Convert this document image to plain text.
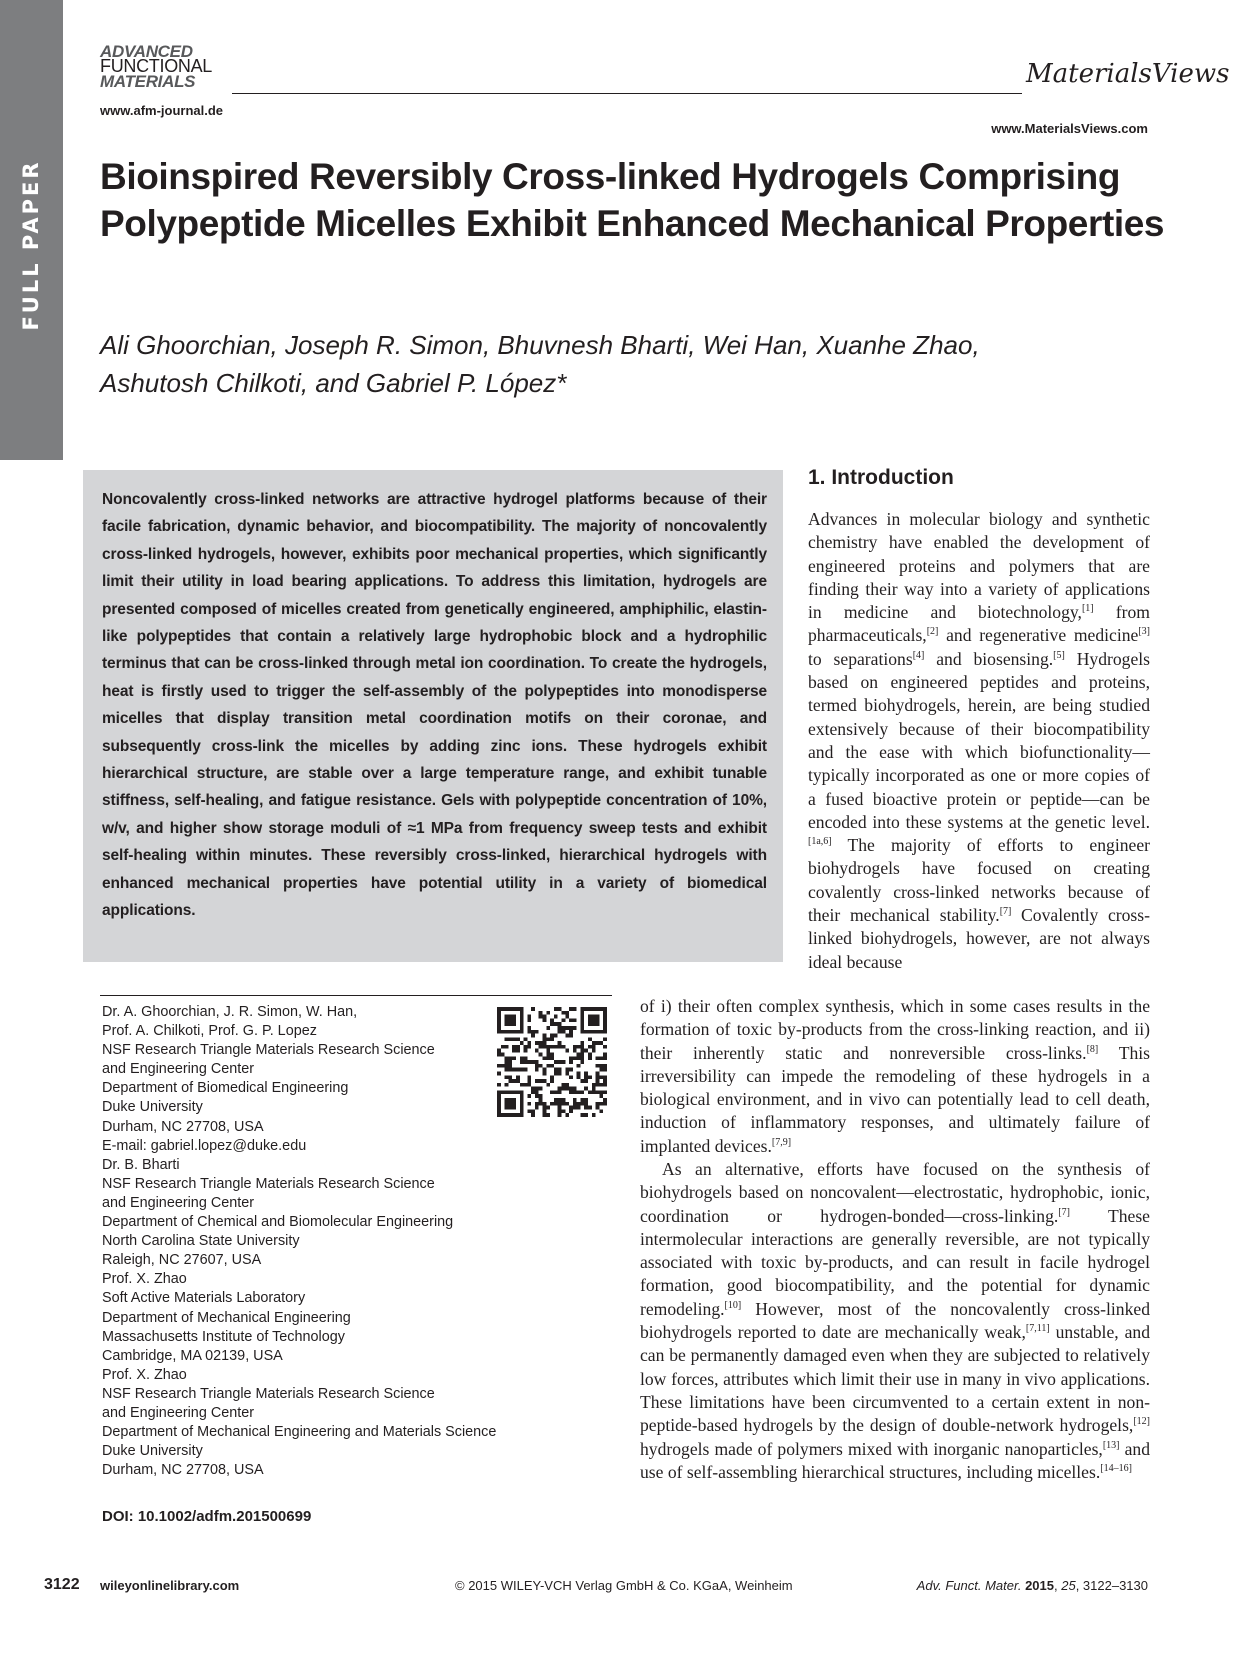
FULL PAPER
ADVANCED
FUNCTIONAL
MATERIALS
www.afm-journal.de
MaterialsViews
www.MaterialsViews.com
Bioinspired Reversibly Cross-linked Hydrogels Comprising Polypeptide Micelles Exhibit Enhanced Mechanical Properties
Ali Ghoorchian, Joseph R. Simon, Bhuvnesh Bharti, Wei Han, Xuanhe Zhao,
Ashutosh Chilkoti, and Gabriel P. López*
Noncovalently cross-linked networks are attractive hydrogel platforms because of their facile fabrication, dynamic behavior, and biocompatibility. The majority of noncovalently cross-linked hydrogels, however, exhibits poor mechanical properties, which significantly limit their utility in load bearing applications. To address this limitation, hydrogels are presented composed of micelles created from genetically engineered, amphiphilic, elastin-like polypeptides that contain a relatively large hydrophobic block and a hydrophilic terminus that can be cross-linked through metal ion coordination. To create the hydrogels, heat is firstly used to trigger the self-assembly of the polypeptides into monodisperse micelles that display transition metal coordination motifs on their coronae, and subsequently cross-link the micelles by adding zinc ions. These hydrogels exhibit hierarchical structure, are stable over a large temperature range, and exhibit tunable stiffness, self-healing, and fatigue resistance. Gels with polypeptide concentration of 10%, w/v, and higher show storage moduli of ≈1 MPa from frequency sweep tests and exhibit self-healing within minutes. These reversibly cross-linked, hierarchical hydrogels with enhanced mechanical properties have potential utility in a variety of biomedical applications.
1. Introduction
Advances in molecular biology and synthetic chemistry have enabled the development of engineered proteins and polymers that are finding their way into a variety of applications in medicine and biotechnology,[1] from pharmaceuticals,[2] and regenerative medicine[3] to separations[4] and biosensing.[5] Hydrogels based on engineered peptides and proteins, termed biohydrogels, herein, are being studied extensively because of their biocompatibility and the ease with which biofunctionality—typically incorporated as one or more copies of a fused bioactive protein or peptide—can be encoded into these systems at the genetic level.[1a,6] The majority of efforts to engineer biohydrogels have focused on creating covalently cross-linked networks because of their mechanical stability.[7] Covalently cross-linked biohydrogels, however, are not always ideal because
of i) their often complex synthesis, which in some cases results in the formation of toxic by-products from the cross-linking reaction, and ii) their inherently static and nonreversible cross-links.[8] This irreversibility can impede the remodeling of these hydrogels in a biological environment, and in vivo can potentially lead to cell death, induction of inflammatory responses, and ultimately failure of implanted devices.[7,9]
As an alternative, efforts have focused on the synthesis of biohydrogels based on noncovalent—electrostatic, hydrophobic, ionic, coordination or hydrogen-bonded—cross-linking.[7] These intermolecular interactions are generally reversible, are not typically associated with toxic by-products, and can result in facile hydrogel formation, good biocompatibility, and the potential for dynamic remodeling.[10] However, most of the noncovalently cross-linked biohydrogels reported to date are mechanically weak,[7,11] unstable, and can be permanently damaged even when they are subjected to relatively low forces, attributes which limit their use in many in vivo applications. These limitations have been circumvented to a certain extent in non-peptide-based hydrogels by the design of double-network hydrogels,[12] hydrogels made of polymers mixed with inorganic nanoparticles,[13] and use of self-assembling hierarchical structures, including micelles.[14–16]
Dr. A. Ghoorchian, J. R. Simon, W. Han,
Prof. A. Chilkoti, Prof. G. P. Lopez
NSF Research Triangle Materials Research Science
and Engineering Center
Department of Biomedical Engineering
Duke University
Durham, NC 27708, USA
E-mail: gabriel.lopez@duke.edu
Dr. B. Bharti
NSF Research Triangle Materials Research Science
and Engineering Center
Department of Chemical and Biomolecular Engineering
North Carolina State University
Raleigh, NC 27607, USA
Prof. X. Zhao
Soft Active Materials Laboratory
Department of Mechanical Engineering
Massachusetts Institute of Technology
Cambridge, MA 02139, USA
Prof. X. Zhao
NSF Research Triangle Materials Research Science
and Engineering Center
Department of Mechanical Engineering and Materials Science
Duke University
Durham, NC 27708, USA
DOI: 10.1002/adfm.201500699
3122 wileyonlinelibrary.com	© 2015 WILEY-VCH Verlag GmbH & Co. KGaA, Weinheim	Adv. Funct. Mater. 2015, 25, 3122–3130
